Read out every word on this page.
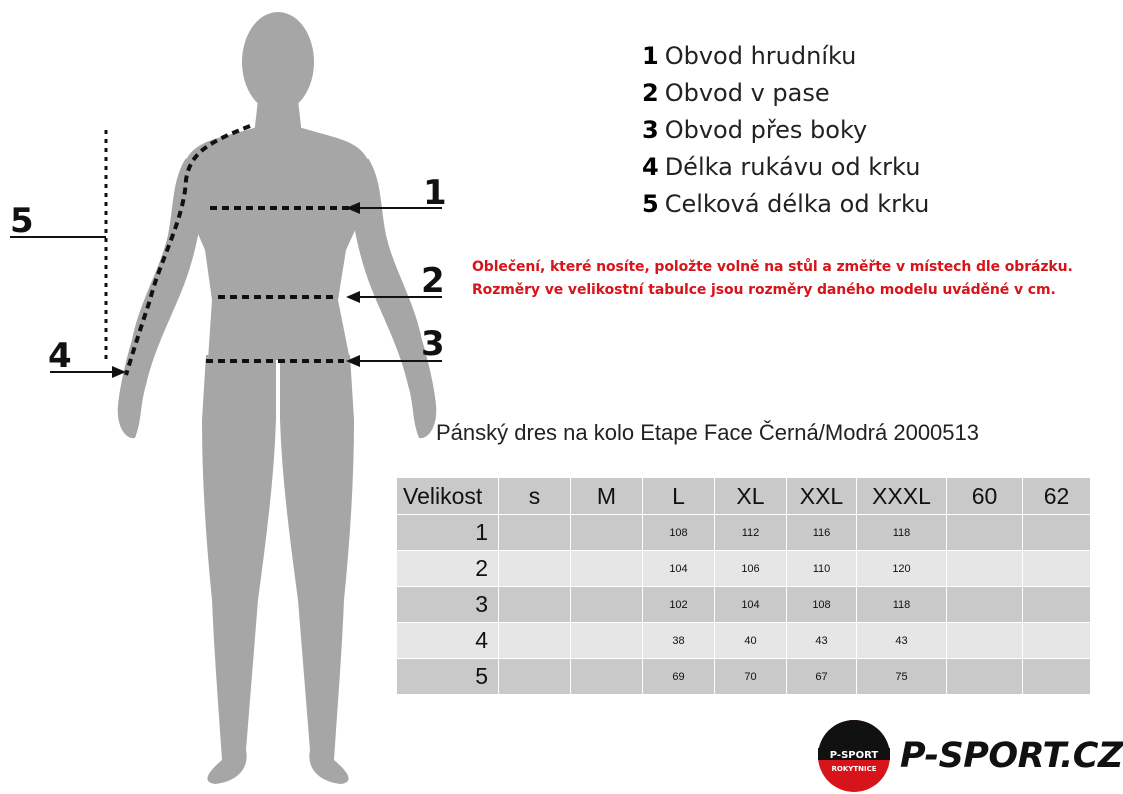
1
2
3
4
5
1 Obvod hrudníku
2 Obvod v pase
3 Obvod přes boky
4 Délka rukávu od krku
5 Celková délka od krku
Oblečení, které nosíte, položte volně na stůl a změřte v místech dle obrázku.
Rozměry ve velikostní tabulce jsou rozměry daného modelu uváděné v cm.
Pánský dres na kolo Etape Face Černá/Modrá 2000513
Velikost	s	M	L	XL	XXL	XXXL	60	62
1			108	112	116	118		
2			104	106	110	120		
3			102	104	108	118		
4			38	40	43	43		
5			69	70	67	75		
P-SPORT
ROKYTNICE P-SPORT.CZ
